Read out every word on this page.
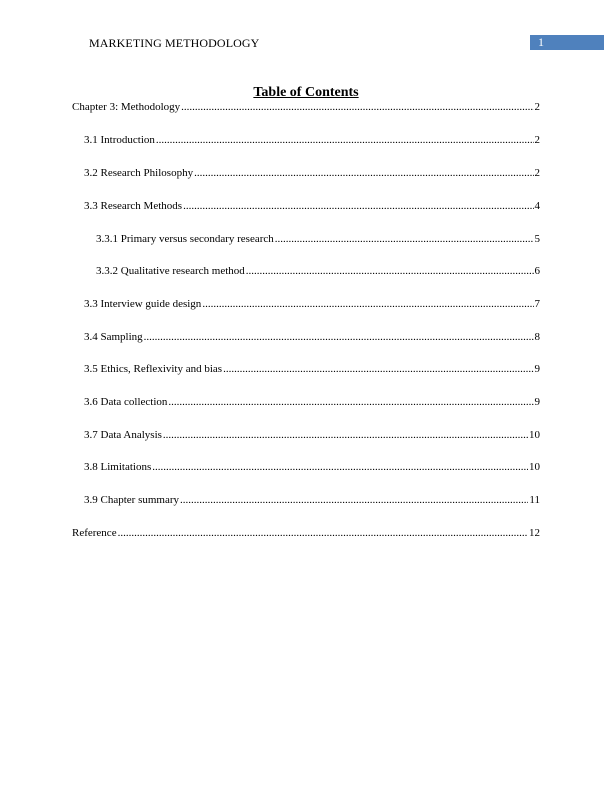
MARKETING METHODOLOGY	1
Table of Contents
Chapter 3: Methodology .....	2
3.1 Introduction .....	2
3.2 Research Philosophy .....	2
3.3 Research Methods .....	4
3.3.1 Primary versus secondary research .....	5
3.3.2 Qualitative research method .....	6
3.3 Interview guide design .....	7
3.4 Sampling .....	8
3.5 Ethics, Reflexivity and bias .....	9
3.6 Data collection .....	9
3.7 Data Analysis .....	10
3.8 Limitations .....	10
3.9 Chapter summary .....	11
Reference .....	12
